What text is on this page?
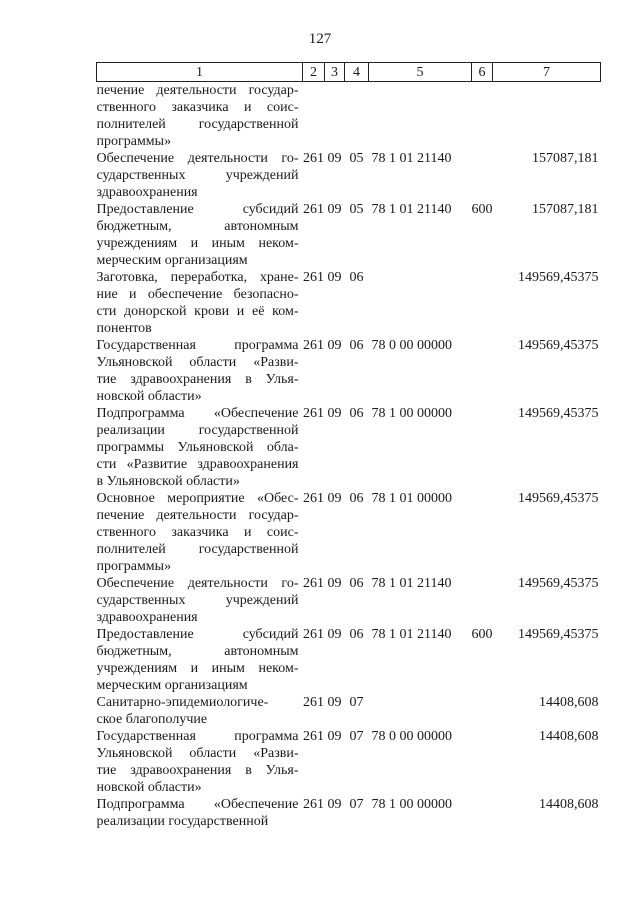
127
1	2	3	4	5	6	7

печение деятельности государ-
ственного заказчика и соис-
полнителей государственной
программы»						

Обеспечение деятельности го-
сударственных учреждений
здравоохранения	261	09	05	78 1 01 21140		157087,181

Предоставление субсидий
бюджетным, автономным
учреждениям и иным неком-
мерческим организациям	261	09	05	78 1 01 21140	600	157087,181

Заготовка, переработка, хране-
ние и обеспечение безопасно-
сти донорской крови и её ком-
понентов	261	09	06			149569,45375

Государственная программа
Ульяновской области «Разви-
тие здравоохранения в Улья-
новской области»	261	09	06	78 0 00 00000		149569,45375

Подпрограмма «Обеспечение
реализации государственной
программы Ульяновской обла-
сти «Развитие здравоохранения
в Ульяновской области»	261	09	06	78 1 00 00000		149569,45375

Основное мероприятие «Обес-
печение деятельности государ-
ственного заказчика и соис-
полнителей государственной
программы»	261	09	06	78 1 01 00000		149569,45375

Обеспечение деятельности го-
сударственных учреждений
здравоохранения	261	09	06	78 1 01 21140		149569,45375

Предоставление субсидий
бюджетным, автономным
учреждениям и иным неком-
мерческим организациям	261	09	06	78 1 01 21140	600	149569,45375

Санитарно-эпидемиологиче-
ское благополучие	261	09	07			14408,608

Государственная программа
Ульяновской области «Разви-
тие здравоохранения в Улья-
новской области»	261	09	07	78 0 00 00000		14408,608

Подпрограмма «Обеспечение
реализации государственной	261	09	07	78 1 00 00000		14408,608
